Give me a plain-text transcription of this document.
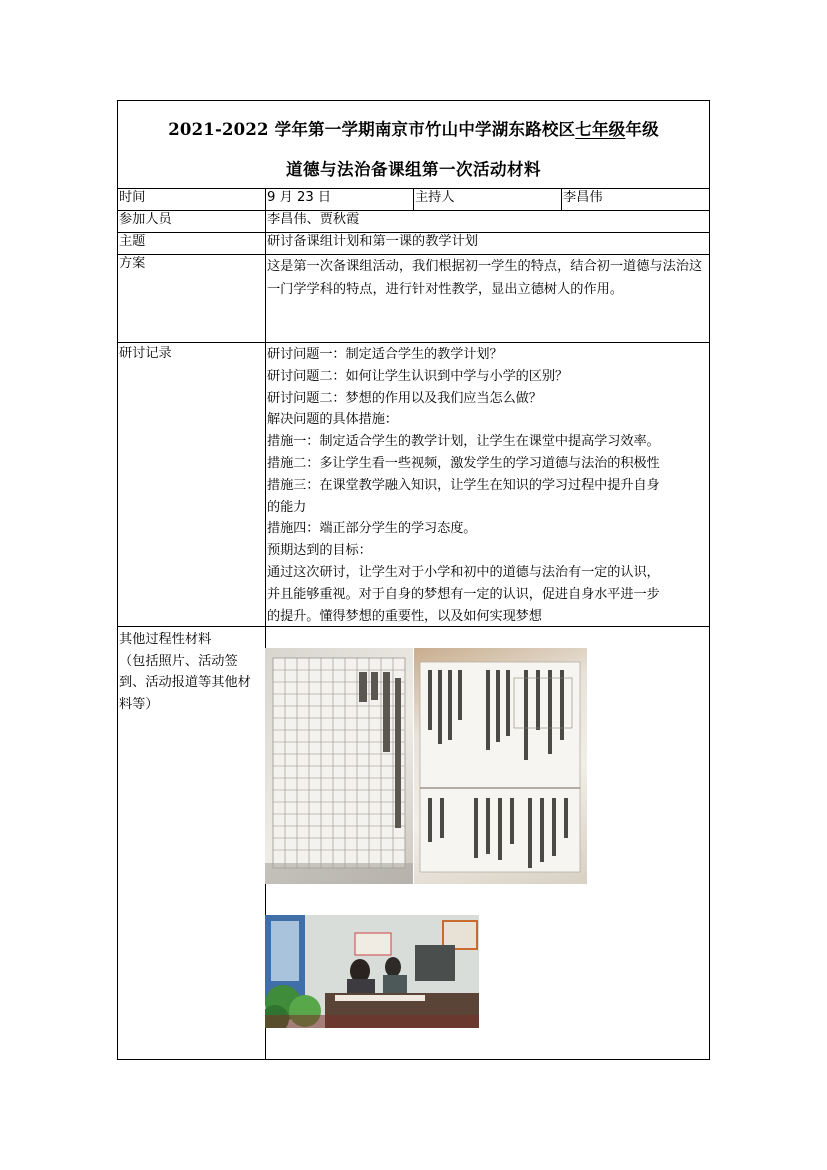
2021-2022 学年第一学期南京市竹山中学湖东路校区七年级年级
道德与法治备课组第一次活动材料
时间	9 月 23 日	主持人	李昌伟
参加人员	李昌伟、贾秋霞
主题	研讨备课组计划和第一课的教学计划
方案	这是第一次备课组活动，我们根据初一学生的特点，结合初一道德与法治这一门学学科的特点，进行针对性教学，显出立德树人的作用。
研讨记录	研讨问题一：制定适合学生的教学计划？
研讨问题二：如何让学生认识到中学与小学的区别？
研讨问题二：梦想的作用以及我们应当怎么做？
解决问题的具体措施：
措施一：制定适合学生的教学计划，让学生在课堂中提高学习效率。
措施二：多让学生看一些视频，激发学生的学习道德与法治的积极性
措施三：在课堂教学融入知识，让学生在知识的学习过程中提升自身
的能力
措施四：端正部分学生的学习态度。
预期达到的目标：
通过这次研讨，让学生对于小学和初中的道德与法治有一定的认识，
并且能够重视。对于自身的梦想有一定的认识，促进自身水平进一步
的提升。懂得梦想的重要性，以及如何实现梦想
其他过程性材料
（包括照片、活动签
到、活动报道等其他材
料等）
